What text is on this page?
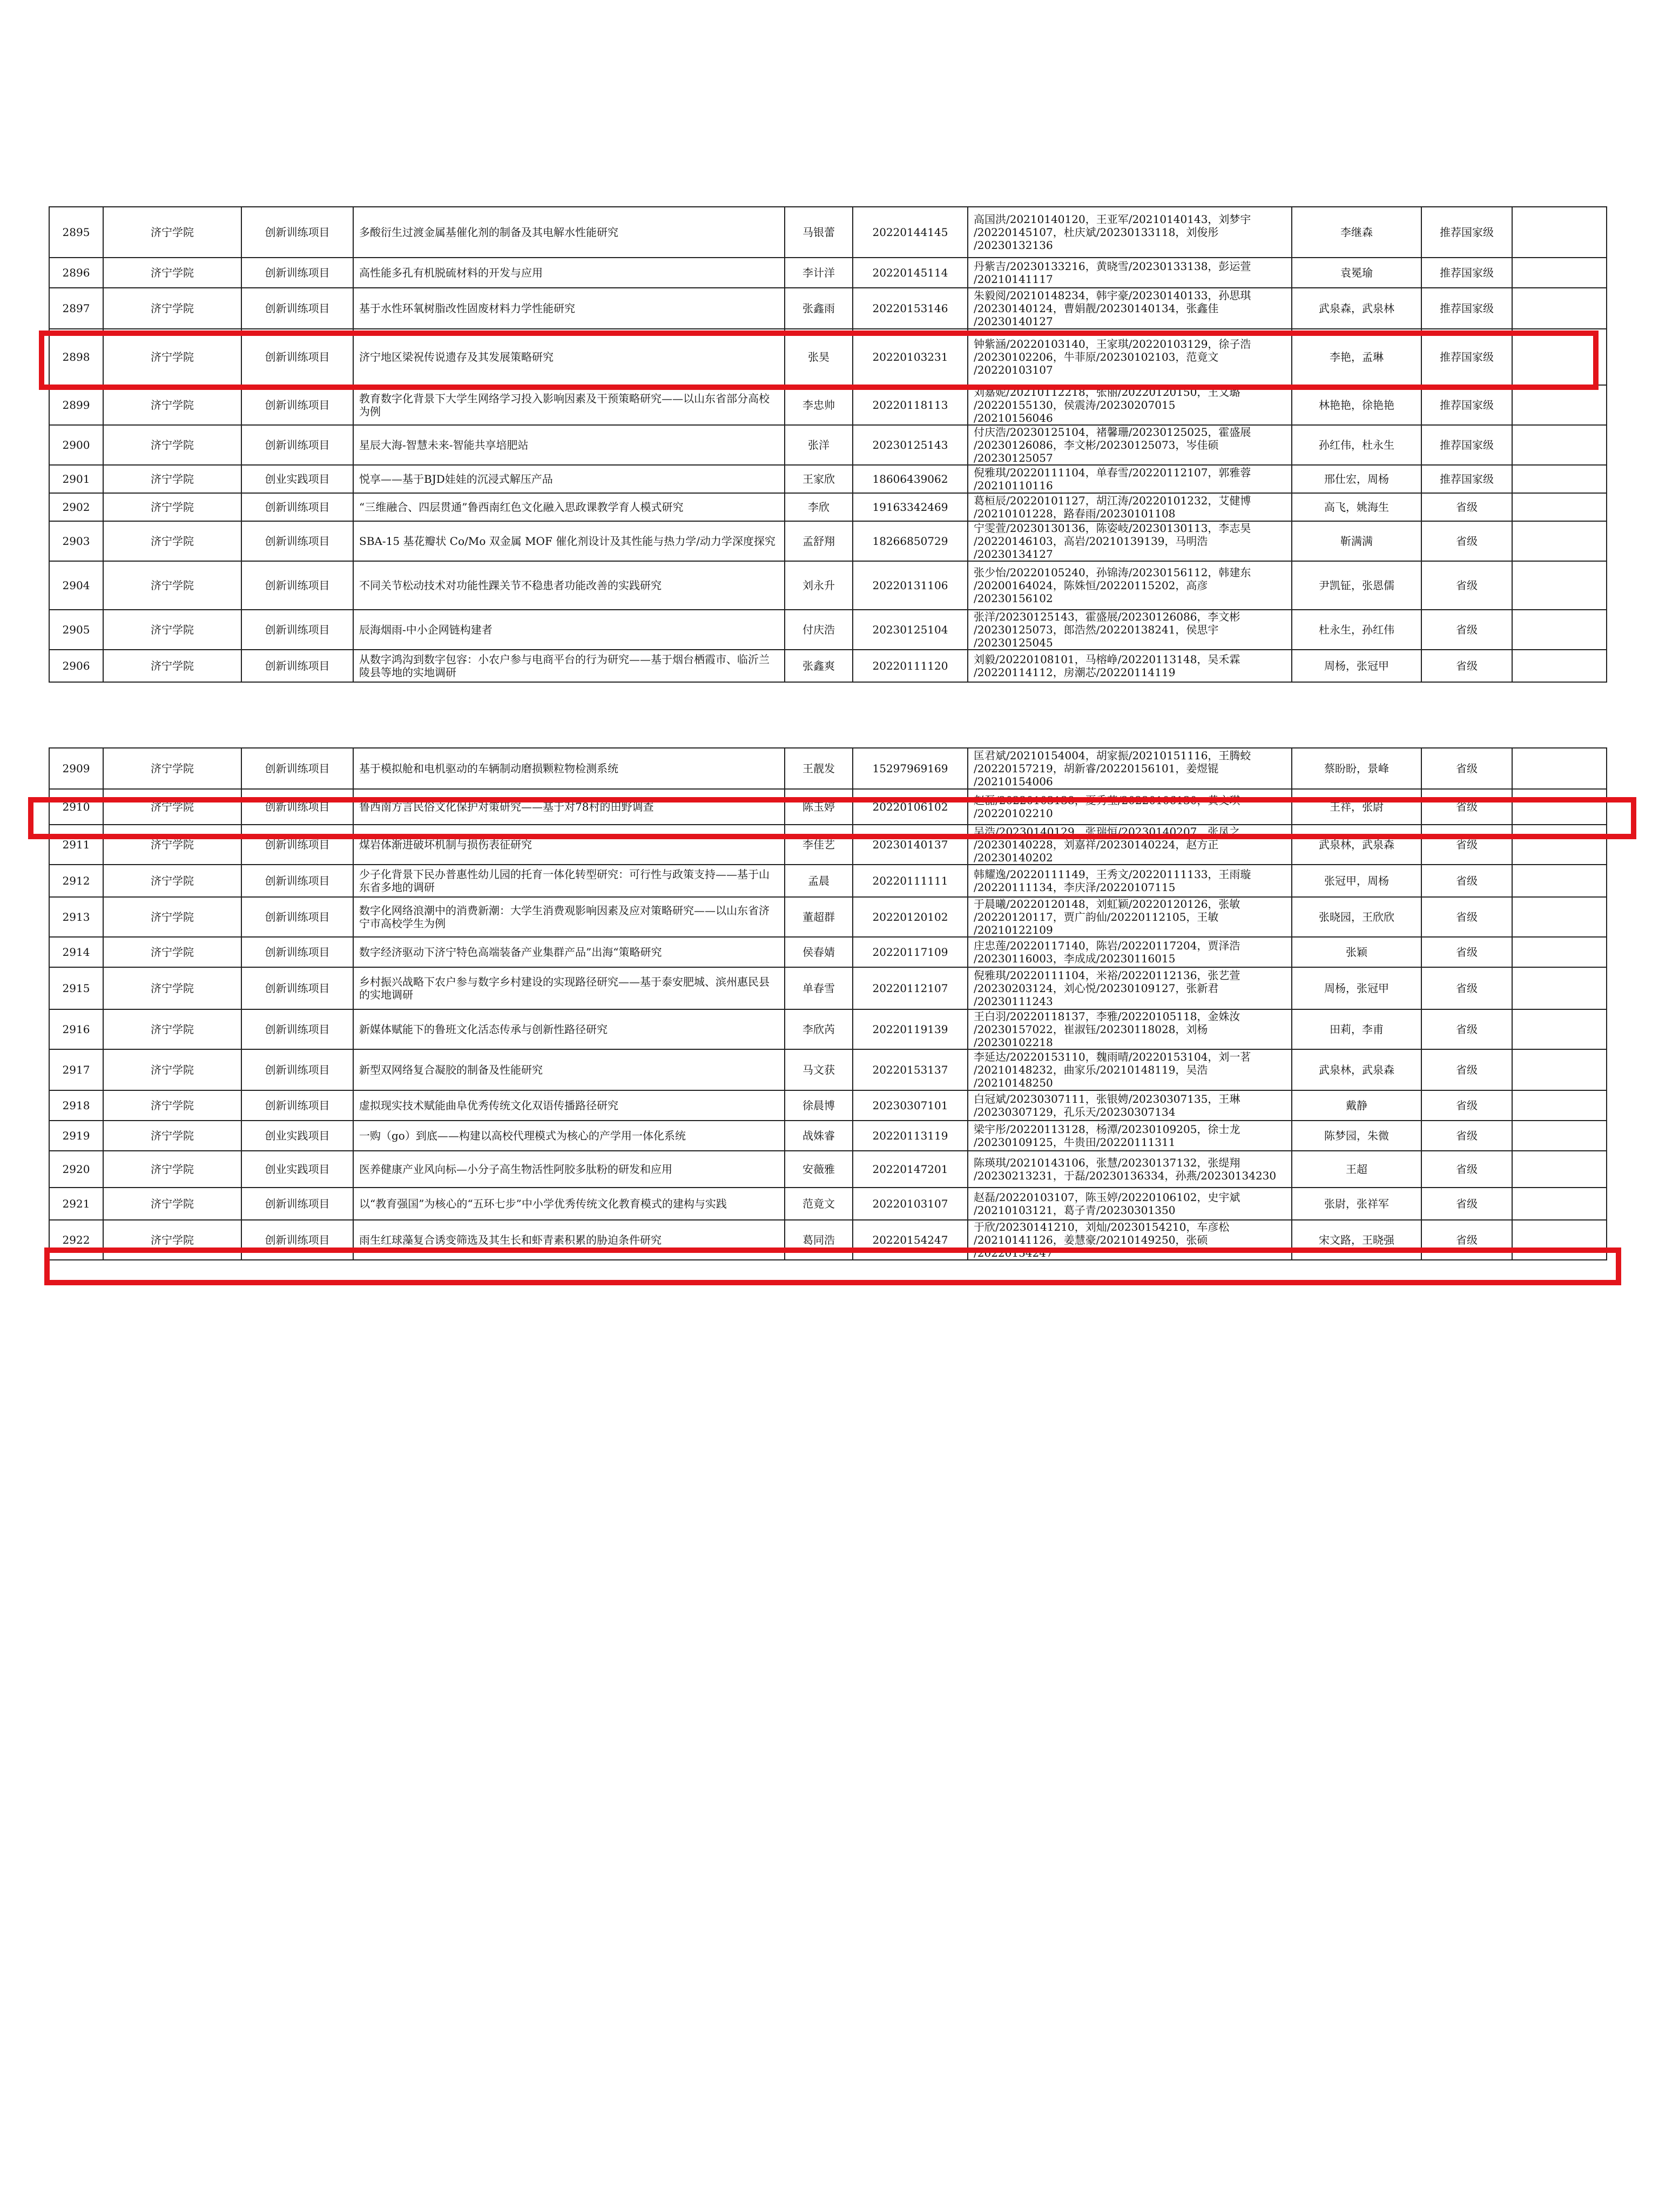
2895	济宁学院	创新训练项目	多酸衍生过渡金属基催化剂的制备及其电解水性能研究	马银蕾	20220144145	高国洪/20210140120，王亚军/20210140143，刘梦宇
/20220145107，杜庆斌/20230133118，刘俊彤
/20230132136	李继森	推荐国家级	
2896	济宁学院	创新训练项目	高性能多孔有机脱硫材料的开发与应用	李计洋	20220145114	丹紫吉/20230133216，黄晓雪/20230133138，彭运萱
/20210141117	袁冕瑜	推荐国家级	
2897	济宁学院	创新训练项目	基于水性环氧树脂改性固废材料力学性能研究	张鑫雨	20220153146	朱毅阅/20210148234，韩宇豪/20230140133，孙思琪
/20230140124，曹娟靓/20230140134，张鑫佳
/20230140127	武泉森，武泉林	推荐国家级	
2898	济宁学院	创新训练项目	济宁地区梁祝传说遗存及其发展策略研究	张昊	20220103231	钟紫涵/20220103140，王家琪/20220103129，徐子浩
/20230102206，牛菲原/20230102103，范竟文
/20220103107	李艳，孟琳	推荐国家级	
2899	济宁学院	创新训练项目	教育数字化背景下大学生网络学习投入影响因素及干预策略研究——以山东省部分高校为例	李忠帅	20220118113	刘嘉妮/20210112218，张丽/20220120150，王文璐
/20220155130，侯震涛/20230207015
/20210156046	林艳艳，徐艳艳	推荐国家级	
2900	济宁学院	创新训练项目	星辰大海-智慧未来-智能共享培肥站	张洋	20230125143	付庆浩/20230125104，褚馨珊/20230125025，霍盛展
/20230126086，李文彬/20230125073，岑佳硕
/20230125057	孙红伟，杜永生	推荐国家级	
2901	济宁学院	创业实践项目	悦享——基于BJD娃娃的沉浸式解压产品	王家欣	18606439062	倪雅琪/20220111104，单春雪/20220112107，郭雅蓉
/20210110116	邢仕宏，周杨	推荐国家级	
2902	济宁学院	创新训练项目	“三维融合、四层贯通”鲁西南红色文化融入思政课教学育人模式研究	李欣	19163342469	葛桓辰/20220101127，胡江涛/20220101232，艾健博
/20210101228，路春雨/20230101108	高飞，姚海生	省级	
2903	济宁学院	创新训练项目	SBA-15 基花瓣状 Co/Mo 双金属 MOF 催化剂设计及其性能与热力学/动力学深度探究	孟舒翔	18266850729	宁雯萱/20230130136，陈姿岐/20230130113，李志昊
/20220146103，高岩/20210139139，马明浩
/20230134127	靳满满	省级	
2904	济宁学院	创新训练项目	不同关节松动技术对功能性踝关节不稳患者功能改善的实践研究	刘永升	20220131106	张少怡/20220105240，孙锦涛/20230156112，韩建东
/20200164024，陈姝恒/20220115202，高彦
/20230156102	尹凯钲，张恩儒	省级	
2905	济宁学院	创新训练项目	辰海烟雨-中小企网链构建者	付庆浩	20230125104	张洋/20230125143，霍盛展/20230126086，李文彬
/20230125073，郎浩然/20220138241，侯思宇
/20230125045	杜永生，孙红伟	省级	
2906	济宁学院	创新训练项目	从数字鸿沟到数字包容：小农户参与电商平台的行为研究——基于烟台栖霞市、临沂兰陵县等地的实地调研	张鑫爽	20220111120	刘毅/20220108101，马榕峥/20220113148，吴禾霖
/20220114112，房潮芯/20220114119	周杨，张冠甲	省级	
2909	济宁学院	创新训练项目	基于模拟舱和电机驱动的车辆制动磨损颗粒物检测系统	王靓发	15297969169	匡君斌/20210154004，胡家振/20210151116，王腾蛟
/20220157219，胡新睿/20220156101，姜煜锟
/20210154006	蔡盼盼，景峰	省级	
2910	济宁学院	创新训练项目	鲁西南方言民俗文化保护对策研究——基于对78村的田野调查	陈玉婷	20220106102	赵磊/20220103138，夏秀莹/20220106130，黄文琪
/20220102210	王祥，张尉	省级	
2911	济宁学院	创新训练项目	煤岩体渐进破坏机制与损伤表征研究	李佳艺	20230140137	吴浩/20230140129，张瑞恒/20230140207，张凤之
/20230140228，刘嘉祥/20230140224，赵方正
/20230140202	武泉林，武泉森	省级	
2912	济宁学院	创新训练项目	少子化背景下民办普惠性幼儿园的托育一体化转型研究：可行性与政策支持——基于山东省多地的调研	孟晨	20220111111	韩耀逸/20220111149，王秀文/20220111133，王雨璇
/20220111134，李庆泽/20220107115	张冠甲，周杨	省级	
2913	济宁学院	创新训练项目	数字化网络浪潮中的消费新潮：大学生消费观影响因素及应对策略研究——以山东省济宁市高校学生为例	董超群	20220120102	于晨曦/20220120148，刘虹颖/20220120126，张敏
/20220120117，贾广韵仙/20220112105，王敏
/20210122109	张晓园，王欣欣	省级	
2914	济宁学院	创新训练项目	数字经济驱动下济宁特色高端装备产业集群产品”出海“策略研究	侯春婧	20220117109	庄忠莲/20220117140，陈岩/20220117204，贾泽浩
/20230116003，李成成/20230116015	张颖	省级	
2915	济宁学院	创新训练项目	乡村振兴战略下农户参与数字乡村建设的实现路径研究——基于泰安肥城、滨州惠民县的实地调研	单春雪	20220112107	倪雅琪/20220111104，米裕/20220112136，张艺萱
/20230203124，刘心悦/20230109127，张新君
/20230111243	周杨，张冠甲	省级	
2916	济宁学院	创新训练项目	新媒体赋能下的鲁班文化活态传承与创新性路径研究	李欣芮	20220119139	王白羽/20220118137，李雅/20220105118，金姝汝
/20230157022，崔淑钰/20230118028，刘杨
/20230102218	田莉，李甫	省级	
2917	济宁学院	创新训练项目	新型双网络复合凝胶的制备及性能研究	马文获	20220153137	李延达/20220153110，魏雨晴/20220153104，刘一茗
/20210148232，曲家乐/20210148119，吴浩
/20210148250	武泉林，武泉森	省级	
2918	济宁学院	创新训练项目	虚拟现实技术赋能曲阜优秀传统文化双语传播路径研究	徐晨博	20230307101	白冠斌/20230307111，张银娉/20230307135，王琳
/20230307129，孔乐天/20230307134	戴静	省级	
2919	济宁学院	创业实践项目	一购（go）到底——构建以高校代理模式为核心的产学用一体化系统	战姝睿	20220113119	梁宇彤/20220113128，杨潭/20230109205，徐士龙
/20230109125，牛贵田/20220111311	陈梦园，朱微	省级	
2920	济宁学院	创业实践项目	医养健康产业风向标—小分子高生物活性阿胶多肽粉的研发和应用	安薇雅	20220147201	陈瑛琪/20210143106，张慧/20230137132，张缇翔
/20230213231，于磊/20230136334，孙燕/20230134230	王超	省级	
2921	济宁学院	创新训练项目	以“教育强国”为核心的“五环七步”中小学优秀传统文化教育模式的建构与实践	范竟文	20220103107	赵磊/20220103107，陈玉婷/20220106102，史宇斌
/20210103121，葛子青/20230301350	张尉，张祥军	省级	
2922	济宁学院	创新训练项目	雨生红球藻复合诱变筛选及其生长和虾青素积累的胁迫条件研究	葛同浩	20220154247	于欣/20230141210，刘灿/20230154210，车彦松
/20210141126，姜慧豪/20210149250，张硕
/20220154247	宋文路，王晓强	省级	
